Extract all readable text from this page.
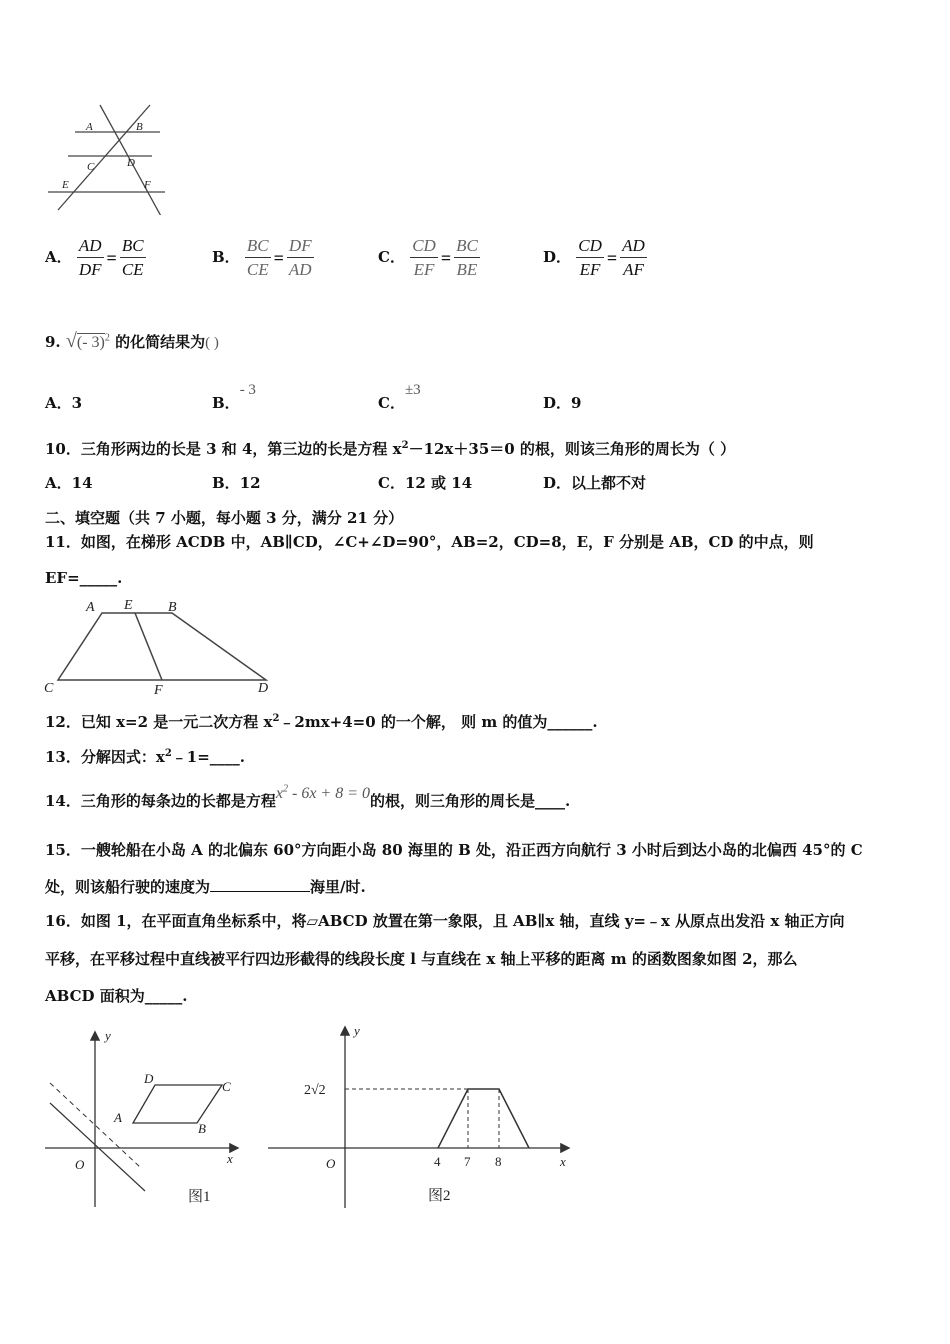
A	B
C	D
E	F
A． $\frac{AD}{DF} = \frac{BC}{CE}$	B． $\frac{BC}{CE} = \frac{DF}{AD}$	C． $\frac{CD}{EF} = \frac{BC}{BE}$	D． $\frac{CD}{EF} = \frac{AD}{AF}$
9. √(- 3)$^2$ 的化简结果为( )
A．3	B．- 3
C．±3
D．9
10．三角形两边的长是 3 和 4，第三边的长是方程 $x^2-12x+35=0$ 的根，则该三角形的周长为（ ）
A．14	B．12	C．12 或 14	D．以上都不对
二、填空题（共 7 小题，每小题 3 分，满分 21 分）
11．如图，在梯形 ACDB 中，AB∥CD，∠C+∠D=90°，AB=2，CD=8，E，F 分别是 AB，CD 的中点，则
EF=_____.
A E	B
C	F	D
12．已知 x=2 是一元二次方程 $x^2﹣2mx+4=0$ 的一个解， 则 m 的值为______.
13．分解因式：$x^2﹣1=\_\_\_\_$.
14．三角形的每条边的长都是方程$x^2 - 6x + 8 = 0$的根，则三角形的周长是____.
15．一艘轮船在小岛 A 的北偏东 60°方向距小岛 80 海里的 B 处，沿正西方向航行 3 小时后到达小岛的北偏西 45°的 C
处，则该船行驶的速度为	海里/时.
16．如图 1，在平面直角坐标系中，将▱ABCD 放置在第一象限，且 AB∥x 轴，直线 y=﹣x 从原点出发沿 x 轴正方向
平移，在平移过程中直线被平行四边形截得的线段长度 l 与直线在 x 轴上平移的距离 m 的函数图象如图 2，那么
ABCD 面积为_____.
y
x
O
D
C
A
B
图1
y
x
O
2√2
4 7 8
图2
